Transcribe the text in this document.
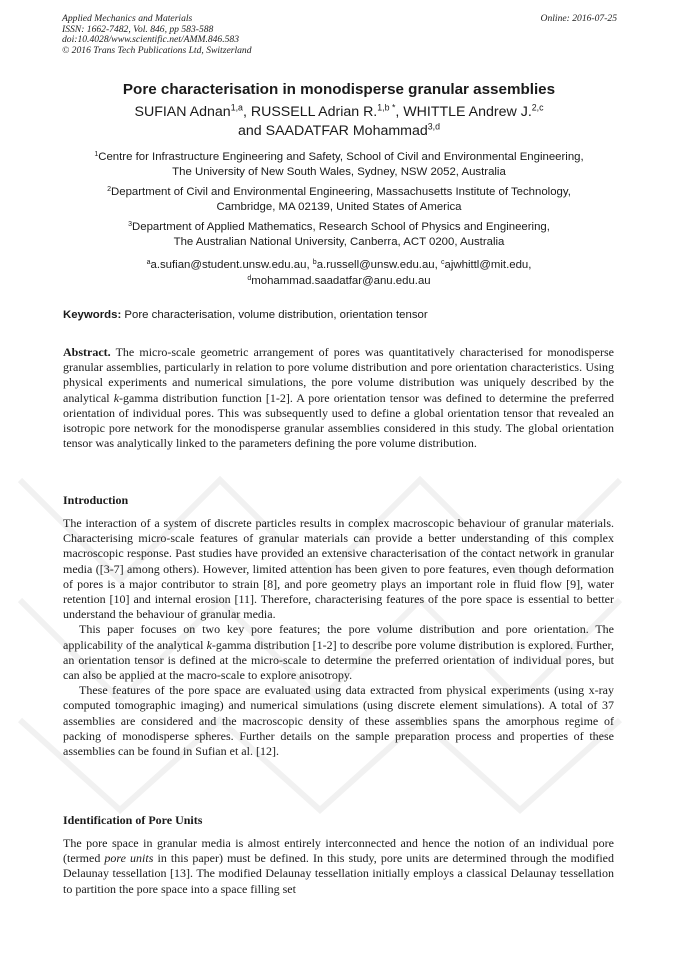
Applied Mechanics and Materials
ISSN: 1662-7482, Vol. 846, pp 583-588
doi:10.4028/www.scientific.net/AMM.846.583
© 2016 Trans Tech Publications Ltd, Switzerland
Online: 2016-07-25
Pore characterisation in monodisperse granular assemblies
SUFIAN Adnan$^{1,a}$, RUSSELL Adrian R.$^{1,b *}$, WHITTLE Andrew J.$^{2,c}$
and SAADATFAR Mohammad$^{3,d}$
$^1$Centre for Infrastructure Engineering and Safety, School of Civil and Environmental Engineering,
The University of New South Wales, Sydney, NSW 2052, Australia
$^2$Department of Civil and Environmental Engineering, Massachusetts Institute of Technology,
Cambridge, MA 02139, United States of America
$^3$Department of Applied Mathematics, Research School of Physics and Engineering,
The Australian National University, Canberra, ACT 0200, Australia
$^a$a.sufian@student.unsw.edu.au, $^b$a.russell@unsw.edu.au, $^c$ajwhittl@mit.edu,
$^d$mohammad.saadatfar@anu.edu.au
Keywords: Pore characterisation, volume distribution, orientation tensor

Abstract. The micro-scale geometric arrangement of pores was quantitatively characterised for monodisperse granular assemblies, particularly in relation to pore volume distribution and pore orientation characteristics. Using physical experiments and numerical simulations, the pore volume distribution was uniquely described by the analytical k-gamma distribution function [1-2]. A pore orientation tensor was defined to determine the preferred orientation of individual pores. This was subsequently used to define a global orientation tensor that revealed an isotropic pore network for the monodisperse granular assemblies considered in this study. The global orientation tensor was analytically linked to the parameters defining the pore volume distribution.

Introduction

The interaction of a system of discrete particles results in complex macroscopic behaviour of granular materials. Characterising micro-scale features of granular materials can provide a better understanding of this complex macroscopic response. Past studies have provided an extensive characterisation of the contact network in granular media ([3-7] among others). However, limited attention has been given to pore features, even though deformation of pores is a major contributor to strain [8], and pore geometry plays an important role in fluid flow [9], water retention [10] and internal erosion [11]. Therefore, characterising features of the pore space is essential to better understand the behaviour of granular media.

This paper focuses on two key pore features; the pore volume distribution and pore orientation. The applicability of the analytical k-gamma distribution [1-2] to describe pore volume distribution is explored. Further, an orientation tensor is defined at the micro-scale to determine the preferred orientation of individual pores, but can also be applied at the macro-scale to explore anisotropy.

These features of the pore space are evaluated using data extracted from physical experiments (using x-ray computed tomographic imaging) and numerical simulations (using discrete element simulations). A total of 37 assemblies are considered and the macroscopic density of these assemblies spans the amorphous regime of packing of monodisperse spheres. Further details on the sample preparation process and properties of these assemblies can be found in Sufian et al. [12].

Identification of Pore Units

The pore space in granular media is almost entirely interconnected and hence the notion of an individual pore (termed pore units in this paper) must be defined. In this study, pore units are determined through the modified Delaunay tessellation [13]. The modified Delaunay tessellation initially employs a classical Delaunay tessellation to partition the pore space into a space filling set
